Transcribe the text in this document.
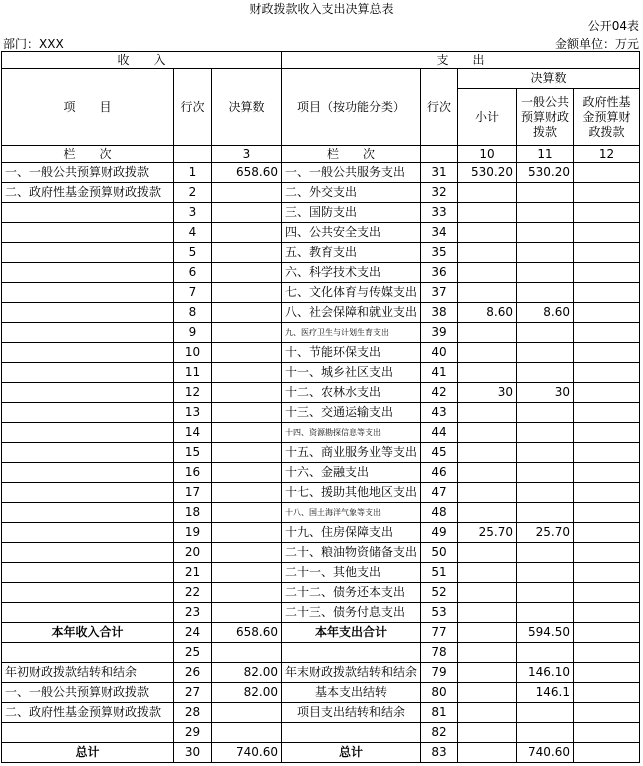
财政拨款收入支出决算总表
公开04表
部门：XXX	金额单位：万元
收　　入			支　　出				
项　　目	行次	决算数	项目（按功能分类）	行次	决算数		
					小计	一般公共预算财政拨款	政府性基金预算财政拨款
栏　　次		3	栏　　次		10	11	12
一、一般公共预算财政拨款	1	658.60	一、一般公共服务支出	31	530.20	530.20	
二、政府性基金预算财政拨款	2		二、外交支出	32			
	3		三、国防支出	33			
	4		四、公共安全支出	34			
	5		五、教育支出	35			
	6		六、科学技术支出	36			
	7		七、文化体育与传媒支出	37			
	8		八、社会保障和就业支出	38	8.60	8.60	
	9		九、医疗卫生与计划生育支出	39			
	10		十、节能环保支出	40			
	11		十一、城乡社区支出	41			
	12		十二、农林水支出	42	30	30	
	13		十三、交通运输支出	43			
	14		十四、资源勘探信息等支出	44			
	15		十五、商业服务业等支出	45			
	16		十六、金融支出	46			
	17		十七、援助其他地区支出	47			
	18		十八、国土海洋气象等支出	48			
	19		十九、住房保障支出	49	25.70	25.70	
	20		二十、粮油物资储备支出	50			
	21		二十一、其他支出	51			
	22		二十二、债务还本支出	52			
	23		二十三、债务付息支出	53			
本年收入合计	24	658.60	本年支出合计	77		594.50	
	25			78			
年初财政拨款结转和结余	26	82.00	年末财政拨款结转和结余	79		146.10	
一、一般公共预算财政拨款	27	82.00	基本支出结转	80		146.1	
二、政府性基金预算财政拨款	28		项目支出结转和结余	81			
	29			82			
总计	30	740.60	总计	83		740.60	
